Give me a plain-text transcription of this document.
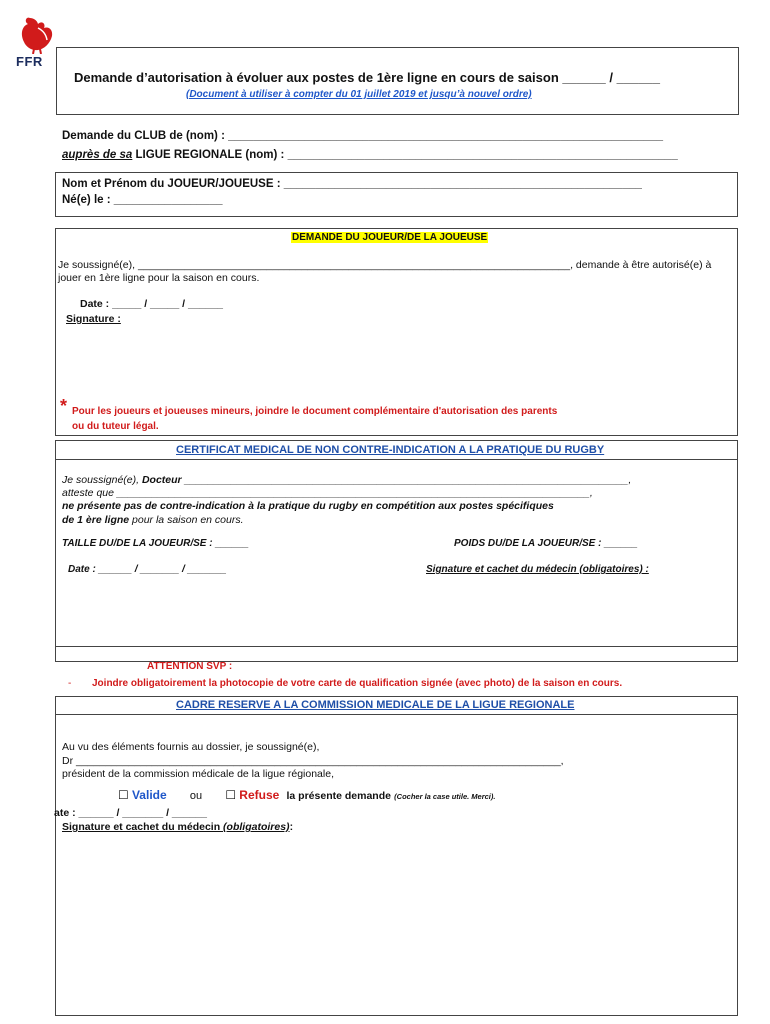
FFR
Demande d’autorisation à évoluer aux postes de 1ère ligne en cours de saison ______ / ______
(Document à utiliser à compter du 01 juillet 2019 et jusqu’à nouvel ordre)
Demande du CLUB de (nom) : ____________________________________________________________________
auprès de sa LIGUE REGIONALE (nom) : _____________________________________________________________
Nom et Prénom du JOUEUR/JOUEUSE : ________________________________________________________
Né(e) le : _________________
DEMANDE DU JOUEUR/DE LA JOUEUSE
Je soussigné(e), __________________________________________________________________________, demande à être autorisé(e) à
jouer en 1ère ligne pour la saison en cours.
Date : _____ / _____ / ______
Signature :
* Pour les joueurs et joueuses mineurs, joindre le document complémentaire d'autorisation des parents
ou du tuteur légal.
CERTIFICAT MEDICAL DE NON CONTRE-INDICATION A LA PRATIQUE DU RUGBY
Je soussigné(e), Docteur ____________________________________________________________________________,
atteste que _________________________________________________________________________________,
ne présente pas de contre-indication à la pratique du rugby en compétition aux postes spécifiques
de 1 ère ligne pour la saison en cours.
TAILLE DU/DE LA JOUEUR/SE : ______	POIDS DU/DE LA JOUEUR/SE : ______
Date : ______ / _______ / _______	Signature et cachet du médecin (obligatoires) :
ATTENTION SVP :
- Joindre obligatoirement la photocopie de votre carte de qualification signée (avec photo) de la saison en cours.
CADRE RESERVE A LA COMMISSION MEDICALE DE LA LIGUE REGIONALE
Au vu des éléments fournis au dossier, je soussigné(e),
Dr ___________________________________________________________________________________,
président de la commission médicale de la ligue régionale,
☐ Valide ou ☐ Refuse la présente demande (Cocher la case utile. Merci).
ate : ______ / _______ / ______
Signature et cachet du médecin (obligatoires):
